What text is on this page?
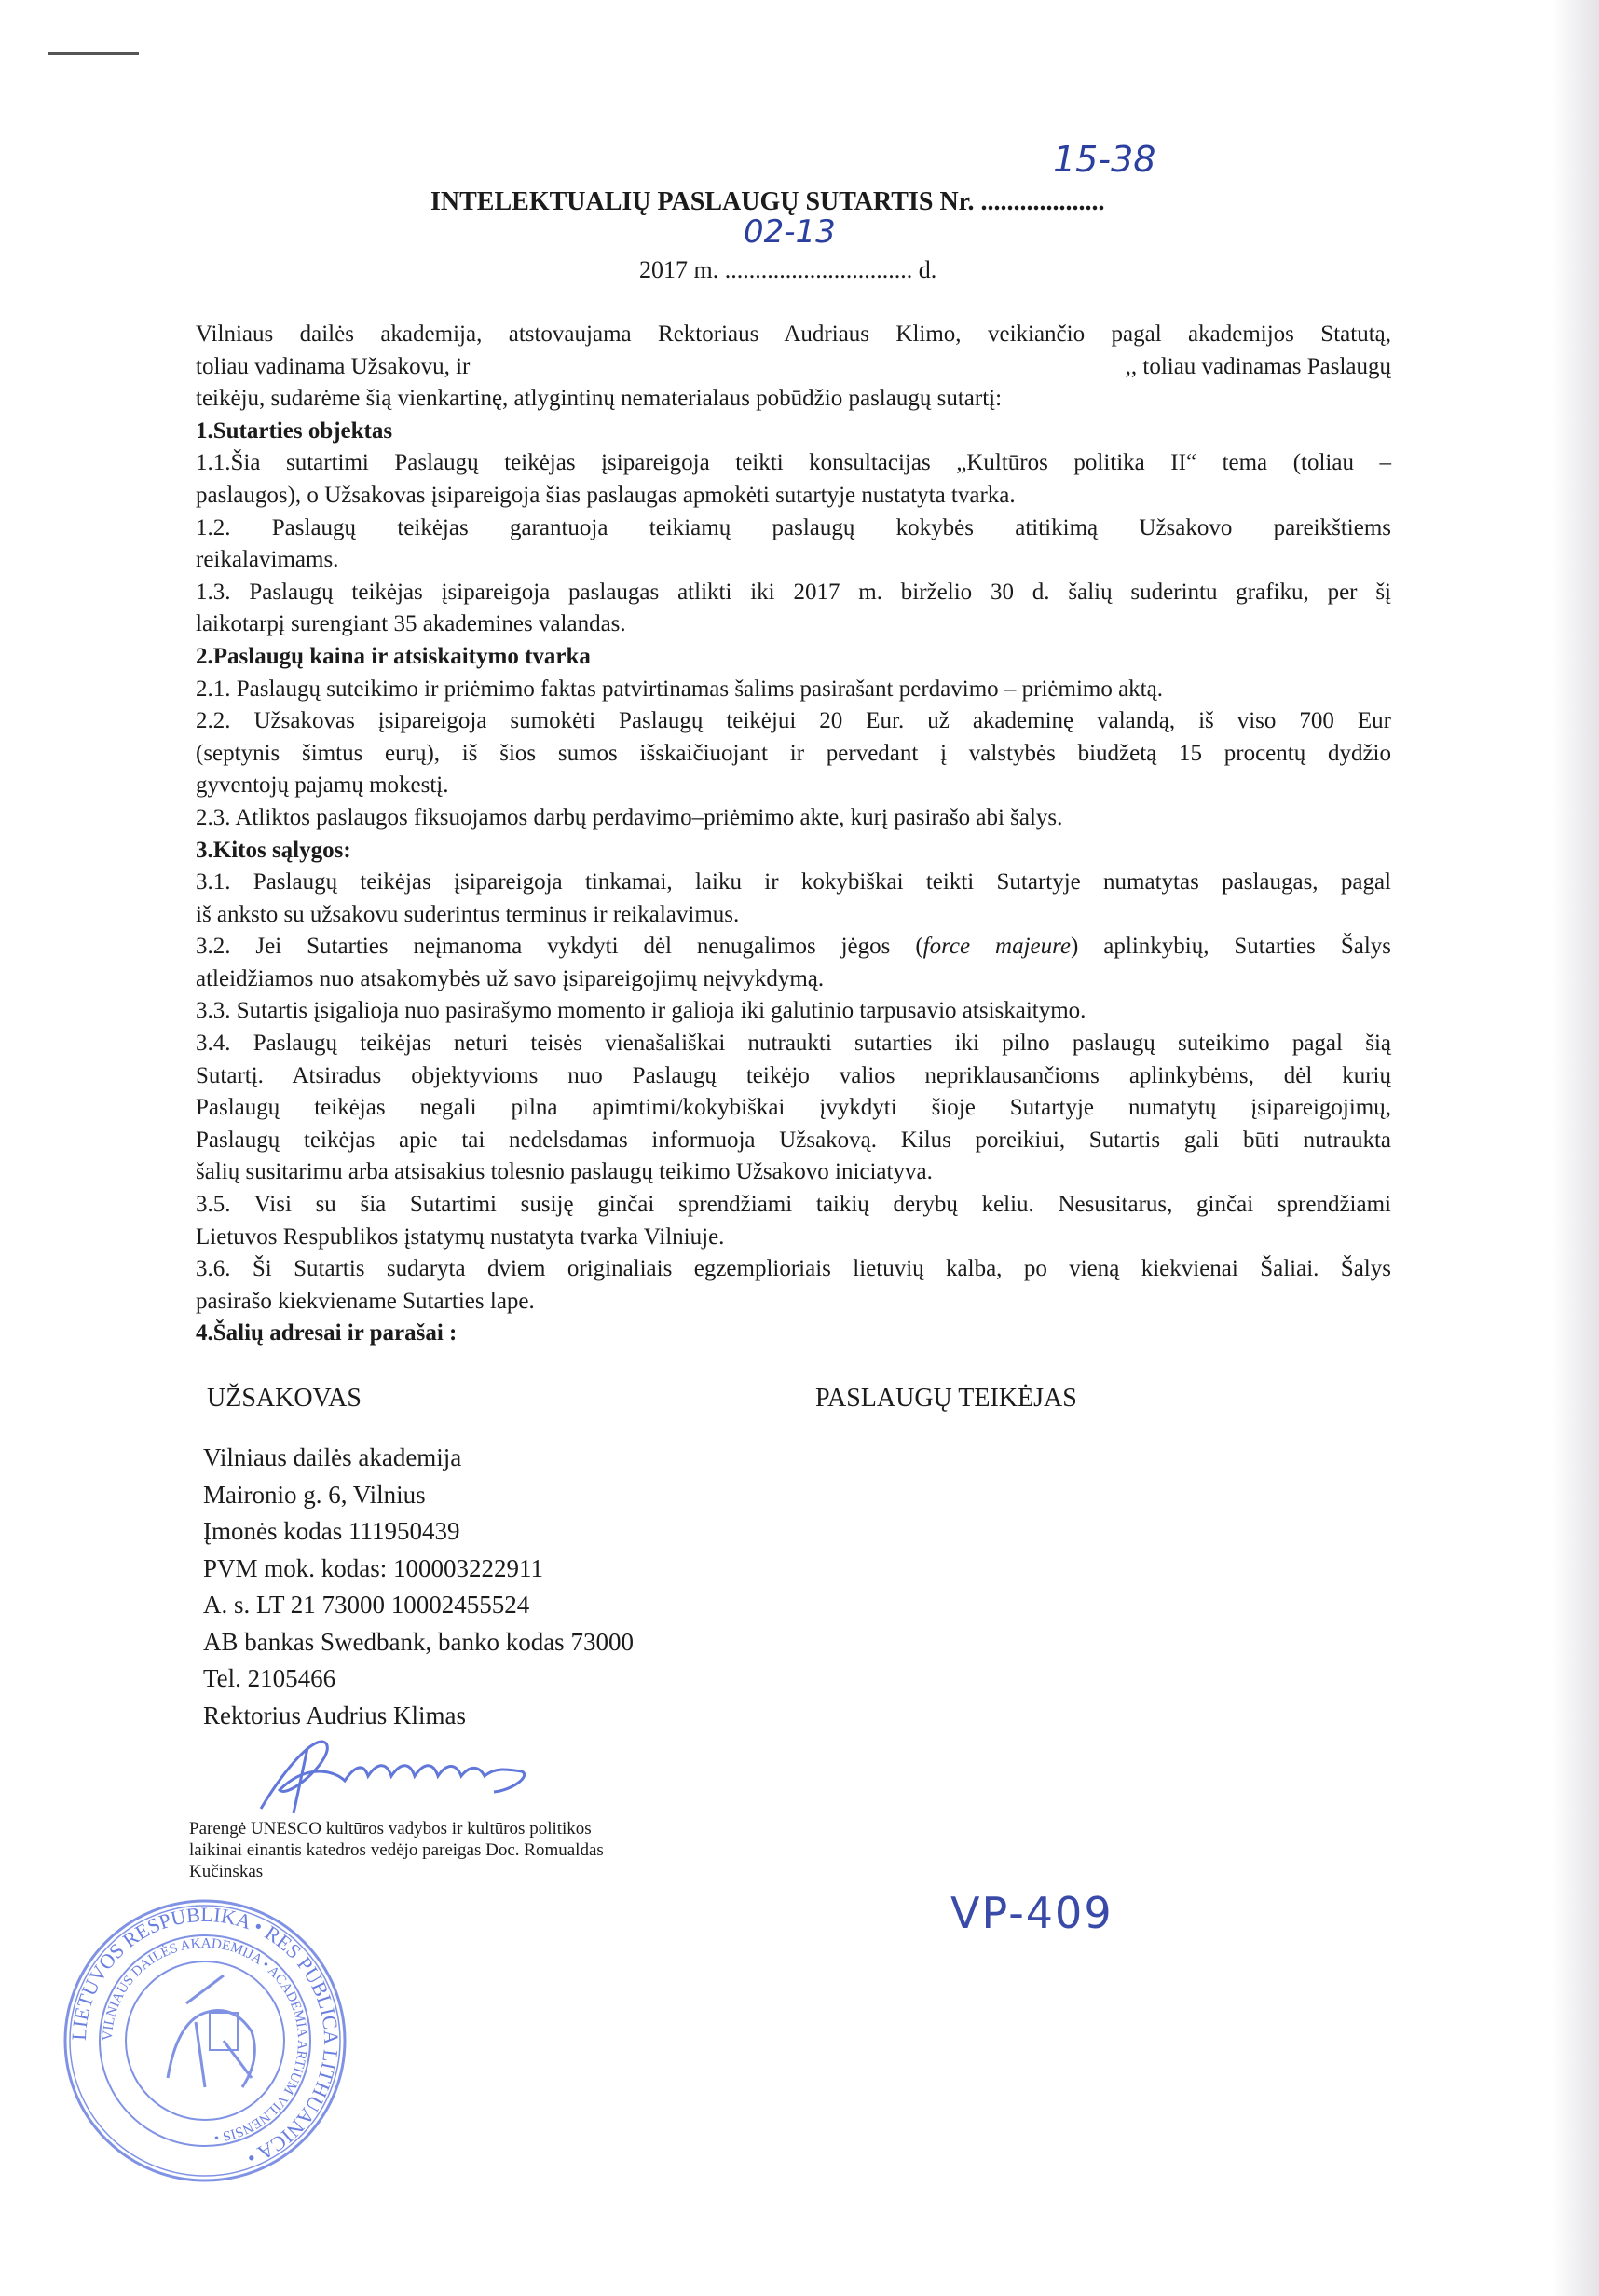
15-38
INTELEKTUALIŲ PASLAUGŲ SUTARTIS Nr. ...................
02-13
2017 m. ............................... d.
Vilniaus dailės akademija, atstovaujama Rektoriaus Audriaus Klimo, veikiančio pagal akademijos Statutą,
toliau vadinama Užsakovu, ir	,, toliau vadinamas Paslaugų
teikėju, sudarėme šią vienkartinę, atlygintinų nematerialaus pobūdžio paslaugų sutartį:
1.Sutarties objektas
1.1.Šia sutartimi Paslaugų teikėjas įsipareigoja teikti konsultacijas „Kultūros politika II“ tema (toliau –
paslaugos), o Užsakovas įsipareigoja šias paslaugas apmokėti sutartyje nustatyta tvarka.
1.2. Paslaugų teikėjas garantuoja teikiamų paslaugų kokybės atitikimą Užsakovo pareikštiems
reikalavimams.
1.3. Paslaugų teikėjas įsipareigoja paslaugas atlikti iki 2017 m. birželio 30 d. šalių suderintu grafiku, per šį
laikotarpį surengiant 35 akademines valandas.
2.Paslaugų kaina ir atsiskaitymo tvarka
2.1. Paslaugų suteikimo ir priėmimo faktas patvirtinamas šalims pasirašant perdavimo – priėmimo aktą.
2.2. Užsakovas įsipareigoja sumokėti Paslaugų teikėjui 20 Eur. už akademinę valandą, iš viso 700 Eur
(septynis šimtus eurų), iš šios sumos išskaičiuojant ir pervedant į valstybės biudžetą 15 procentų dydžio
gyventojų pajamų mokestį.
2.3. Atliktos paslaugos fiksuojamos darbų perdavimo–priėmimo akte, kurį pasirašo abi šalys.
3.Kitos sąlygos:
3.1. Paslaugų teikėjas įsipareigoja tinkamai, laiku ir kokybiškai teikti Sutartyje numatytas paslaugas, pagal
iš anksto su užsakovu suderintus terminus ir reikalavimus.
3.2. Jei Sutarties neįmanoma vykdyti dėl nenugalimos jėgos (force majeure) aplinkybių, Sutarties Šalys
atleidžiamos nuo atsakomybės už savo įsipareigojimų neįvykdymą.
3.3. Sutartis įsigalioja nuo pasirašymo momento ir galioja iki galutinio tarpusavio atsiskaitymo.
3.4. Paslaugų teikėjas neturi teisės vienašališkai nutraukti sutarties iki pilno paslaugų suteikimo pagal šią
Sutartį. Atsiradus objektyvioms nuo Paslaugų teikėjo valios nepriklausančioms aplinkybėms, dėl kurių
Paslaugų teikėjas negali pilna apimtimi/kokybiškai įvykdyti šioje Sutartyje numatytų įsipareigojimų,
Paslaugų teikėjas apie tai nedelsdamas informuoja Užsakovą. Kilus poreikiui, Sutartis gali būti nutraukta
šalių susitarimu arba atsisakius tolesnio paslaugų teikimo Užsakovo iniciatyva.
3.5. Visi su šia Sutartimi susiję ginčai sprendžiami taikių derybų keliu. Nesusitarus, ginčai sprendžiami
Lietuvos Respublikos įstatymų nustatyta tvarka Vilniuje.
3.6. Ši Sutartis sudaryta dviem originaliais egzemplioriais lietuvių kalba, po vieną kiekvienai Šaliai. Šalys
pasirašo kiekviename Sutarties lape.
4.Šalių adresai ir parašai :
UŽSAKOVAS	PASLAUGŲ TEIKĖJAS
Vilniaus dailės akademija
Maironio g. 6, Vilnius
Įmonės kodas 111950439
PVM mok. kodas: 100003222911
A. s. LT 21 73000 10002455524
AB bankas Swedbank, banko kodas 73000
Tel. 2105466
Rektorius Audrius Klimas
Parengė UNESCO kultūros vadybos ir kultūros politikos
laikinai einantis katedros vedėjo pareigas Doc. Romualdas
Kučinskas
LIETUVOS RESPUBLIKA • RES PUBLICA LITHUANICA •
VILNIAUS DAILĖS AKADEMIJA • ACADEMIA ARTIUM VILNENSIS •
VP-409
